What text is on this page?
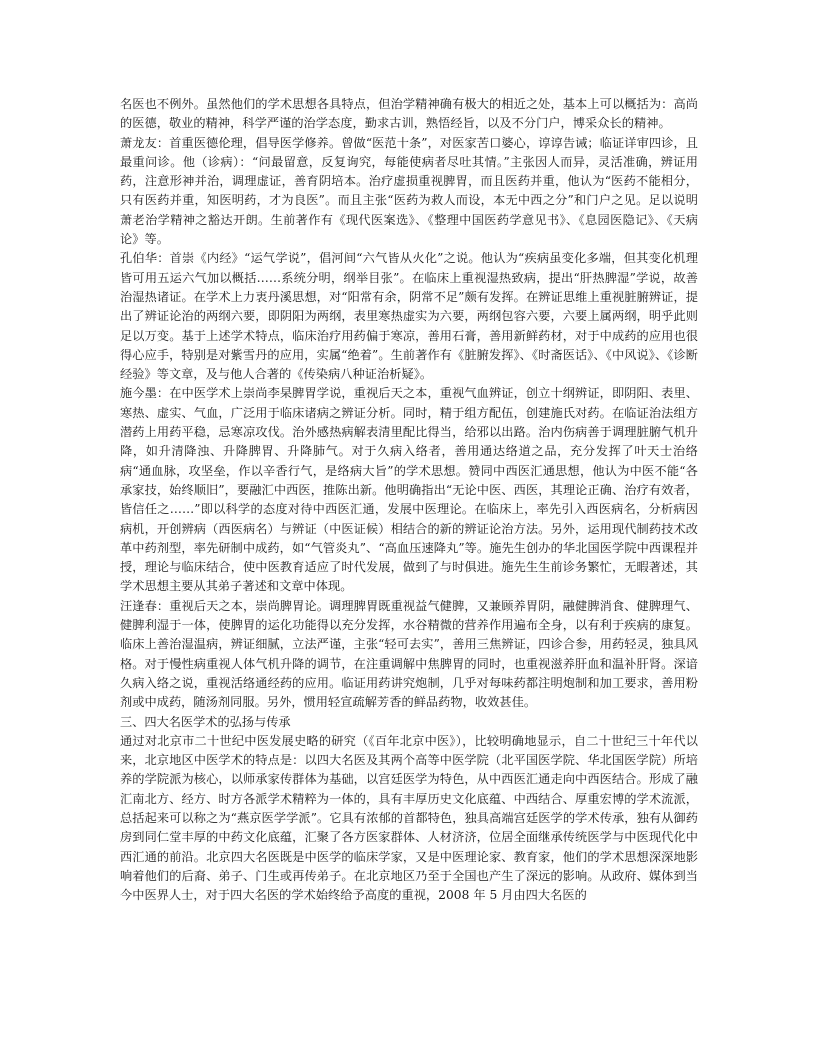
名医也不例外。虽然他们的学术思想各具特点，但治学精神确有极大的相近之处，基本上可以概括为：高尚的医德，敬业的精神，科学严谨的治学态度，勤求古训，熟悟经旨，以及不分门户，博采众长的精神。

萧龙友：首重医德伦理，倡导医学修养。曾做“医范十条”，对医家苦口婆心，谆谆告诫；临证详审四诊，且最重问诊。他（诊病）：“问最留意，反复询究，每能使病者尽吐其情。”主张因人而异，灵活准确，辨证用药，注意形神并治，调理虚证，善育阴培本。治疗虚损重视脾胃，而且医药并重，他认为“医药不能相分，只有医药并重，知医明药，才为良医”。而且主张“医药为救人而设，本无中西之分”和门户之见。足以说明萧老治学精神之豁达开朗。生前著作有《现代医案选》、《整理中国医药学意见书》、《息园医隐记》、《天病论》等。

孔伯华：首崇《内经》“运气学说”，倡河间“六气皆从火化”之说。他认为“疾病虽变化多端，但其变化机理皆可用五运六气加以概括……系统分明，纲举目张”。在临床上重视湿热致病，提出“肝热脾湿”学说，故善治湿热诸证。在学术上力衷丹溪思想，对“阳常有余，阴常不足”颇有发挥。在辨证思维上重视脏腑辨证，提出了辨证论治的两纲六要，即阴阳为两纲，表里寒热虚实为六要，两纲包容六要，六要上属两纲，明乎此则足以万变。基于上述学术特点，临床治疗用药偏于寒凉，善用石膏，善用新鲜药材，对于中成药的应用也很得心应手，特别是对紫雪丹的应用，实属“绝着”。生前著作有《脏腑发挥》、《时斋医话》、《中风说》、《诊断经验》等文章，及与他人合著的《传染病八种证治析疑》。

施今墨：在中医学术上崇尚李杲脾胃学说，重视后天之本，重视气血辨证，创立十纲辨证，即阴阳、表里、寒热、虚实、气血，广泛用于临床诸病之辨证分析。同时，精于组方配伍，创建施氏对药。在临证治法组方潜药上用药平稳，忌寒凉攻伐。治外感热病解表清里配比得当，给邪以出路。治内伤病善于调理脏腑气机升降，如升清降浊、升降脾胃、升降肺气。对于久病入络者，善用通达络道之品，充分发挥了叶天士治络病“通血脉，攻坚垒，作以辛香行气，是络病大旨”的学术思想。赞同中西医汇通思想，他认为中医不能“各承家技，始终顺旧”，要融汇中西医，推陈出新。他明确指出“无论中医、西医，其理论正确、治疗有效者，皆信任之……”即以科学的态度对待中西医汇通，发展中医理论。在临床上，率先引入西医病名，分析病因病机，开创辨病（西医病名）与辨证（中医证候）相结合的新的辨证论治方法。另外，运用现代制药技术改革中药剂型，率先研制中成药，如“气管炎丸”、“高血压速降丸”等。施先生创办的华北国医学院中西课程并授，理论与临床结合，使中医教育适应了时代发展，做到了与时俱进。施先生生前诊务繁忙，无暇著述，其学术思想主要从其弟子著述和文章中体现。

汪逢春：重视后天之本，崇尚脾胃论。调理脾胃既重视益气健脾，又兼顾养胃阴，融健脾消食、健脾理气、健脾利湿于一体，使脾胃的运化功能得以充分发挥，水谷精微的营养作用遍布全身，以有利于疾病的康复。临床上善治湿温病，辨证细腻，立法严谨，主张“轻可去实”，善用三焦辨证，四诊合参，用药轻灵，独具风格。对于慢性病重视人体气机升降的调节，在注重调解中焦脾胃的同时，也重视滋养肝血和温补肝肾。深谙久病入络之说，重视活络通经药的应用。临证用药讲究炮制，几乎对每味药都注明炮制和加工要求，善用粉剂或中成药，随汤剂同服。另外，惯用轻宣疏解芳香的鲜品药物，收效甚佳。

三、四大名医学术的弘扬与传承

通过对北京市二十世纪中医发展史略的研究（《百年北京中医》），比较明确地显示，自二十世纪三十年代以来，北京地区中医学术的特点是：以四大名医及其两个高等中医学院（北平国医学院、华北国医学院）所培养的学院派为核心，以师承家传群体为基础，以宫廷医学为特色，从中西医汇通走向中西医结合。形成了融汇南北方、经方、时方各派学术精粹为一体的，具有丰厚历史文化底蕴、中西结合、厚重宏博的学术流派，总括起来可以称之为“燕京医学学派”。它具有浓郁的首都特色，独具高端宫廷医学的学术传承，独有从御药房到同仁堂丰厚的中药文化底蕴，汇聚了各方医家群体、人材济济，位居全面继承传统医学与中医现代化中西汇通的前沿。北京四大名医既是中医学的临床学家，又是中医理论家、教育家，他们的学术思想深深地影响着他们的后裔、弟子、门生或再传弟子。在北京地区乃至于全国也产生了深远的影响。从政府、媒体到当今中医界人士，对于四大名医的学术始终给予高度的重视，2008 年 5 月由四大名医的
